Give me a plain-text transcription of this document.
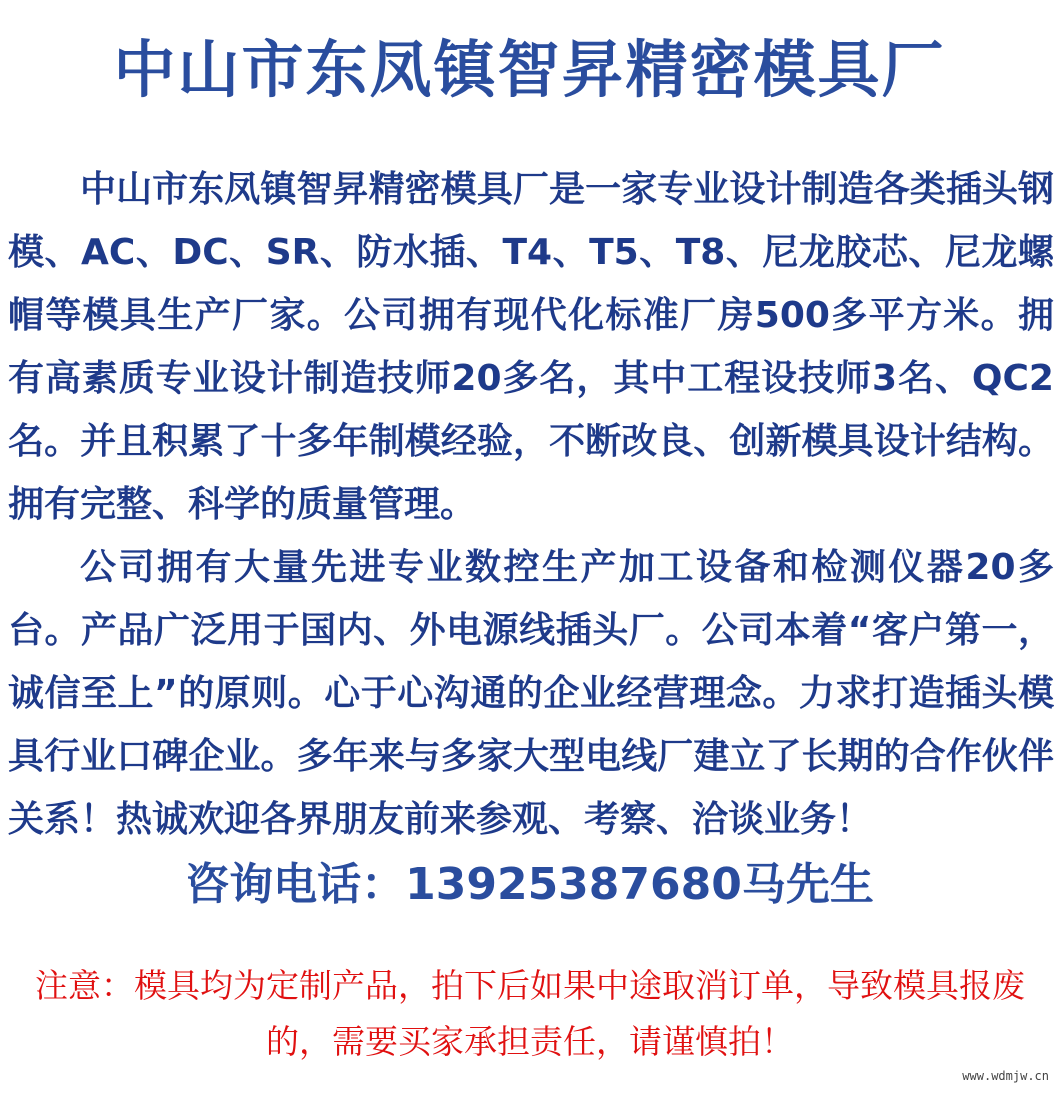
中山市东凤镇智昇精密模具厂

中山市东凤镇智昇精密模具厂是一家专业设计制造各类插头钢模、AC、DC、SR、防水插、T4、T5、T8、尼龙胶芯、尼龙螺帽等模具生产厂家。公司拥有现代化标准厂房500多平方米。拥有高素质专业设计制造技师20多名，其中工程设技师3名、QC2名。并且积累了十多年制模经验，不断改良、创新模具设计结构。拥有完整、科学的质量管理。

公司拥有大量先进专业数控生产加工设备和检测仪器20多台。产品广泛用于国内、外电源线插头厂。公司本着“客户第一，诚信至上”的原则。心于心沟通的企业经营理念。力求打造插头模具行业口碑企业。多年来与多家大型电线厂建立了长期的合作伙伴关系！热诚欢迎各界朋友前来参观、考察、洽谈业务！

咨询电话：13925387680马先生
注意：模具均为定制产品，拍下后如果中途取消订单，导致模具报废的，需要买家承担责任，请谨慎拍！
www.wdmjw.cn
